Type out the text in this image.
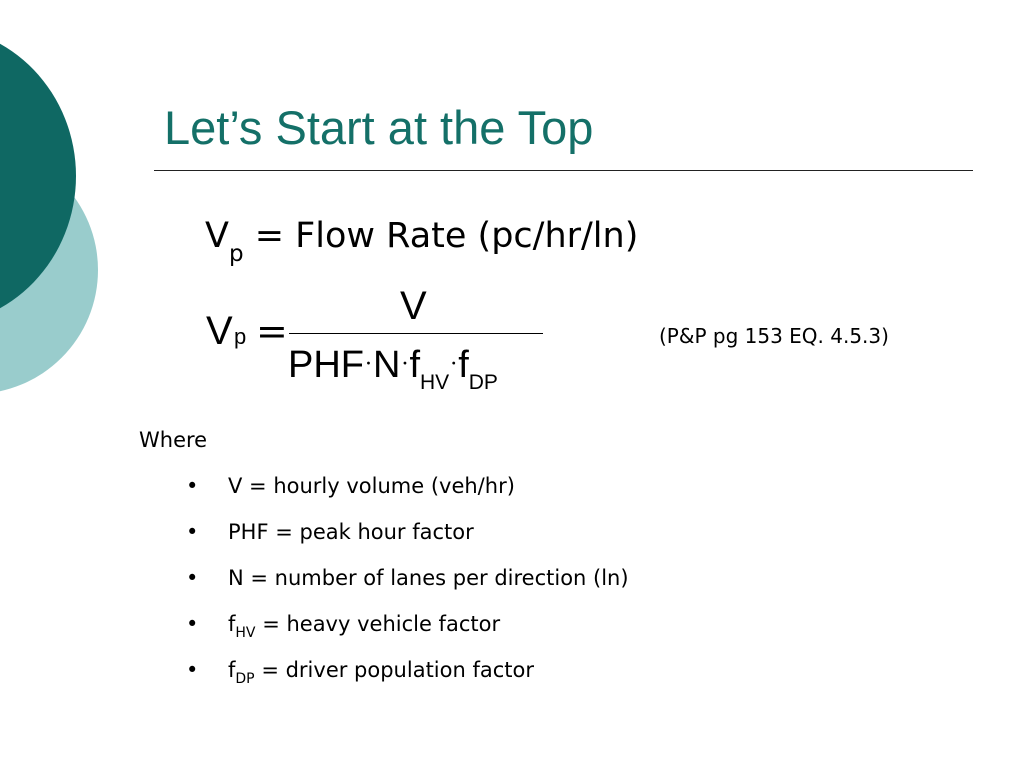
Let’s Start at the Top
$V_p$ = Flow Rate (pc/hr/ln)
V p =
V
$PHF\cdot N\cdot f_{HV}\cdot f_{DP}$
(P&P pg 153 EQ. 4.5.3)
Where
•	V = hourly volume (veh/hr)
•	PHF = peak hour factor
•	N = number of lanes per direction (ln)
•	$f_{HV}$ = heavy vehicle factor
•	$f_{DP}$ = driver population factor
